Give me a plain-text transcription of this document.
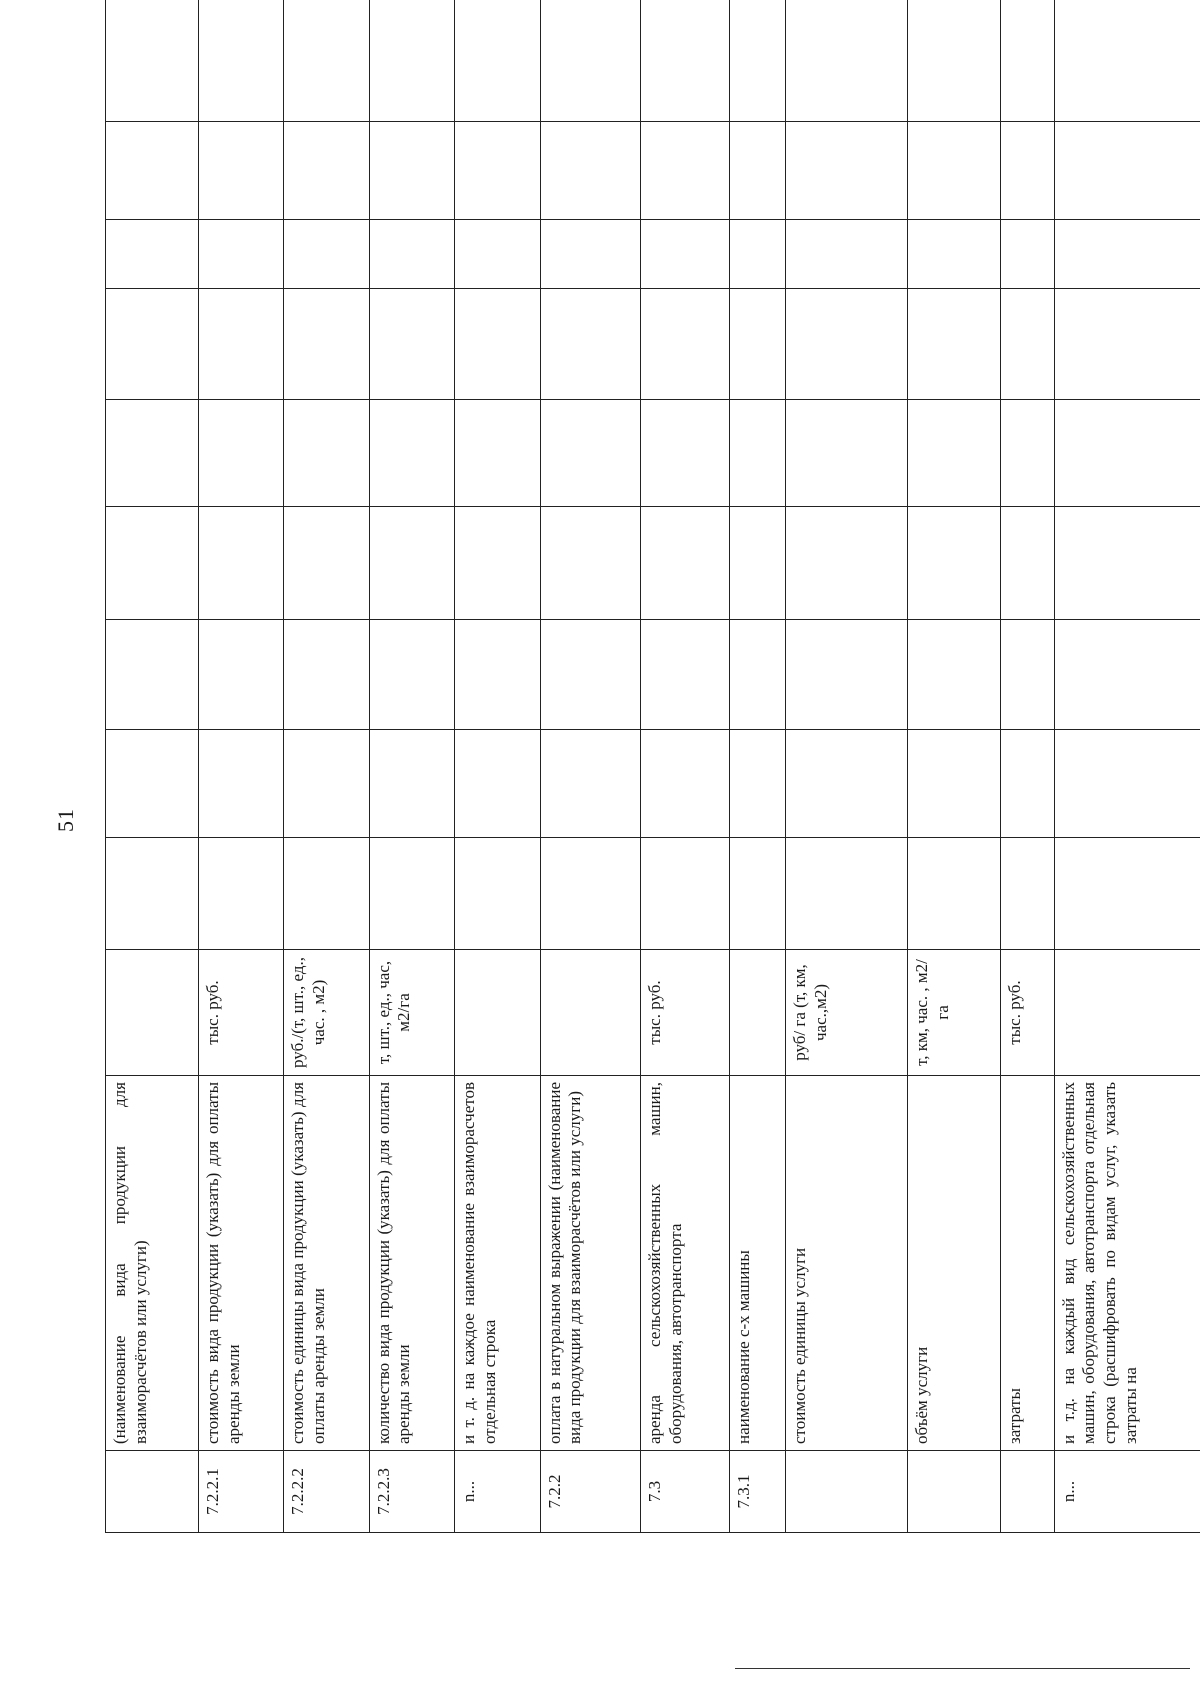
51
	(наименование вида продукции для взаиморасчётов или услуги)										
7.2.2.1	стоимость вида продукции (указать) для оплаты аренды земли	тыс. руб.									
7.2.2.2	стоимость единицы вида продукции (указать) для оплаты аренды земли	руб./(т, шт., ед., час. , м2)									
7.2.2.3	количество вида продукции (указать) для оплаты аренды земли	т, шт., ед., час, м2/га									
n...	и т. д. на каждое наименование взаиморасчетов отдельная строка										
7.2.2	оплата в натуральном выражении (наименование вида продукции для взаиморасчётов или услуги)										
7.3	аренда сельскохозяйственных машин, оборудования, автотранспорта	тыс. руб.									
7.3.1	наименование с-х машины										
	стоимость единицы услуги	руб/ га (т, км, час.,м2)									
	объём услуги	т, км, час. , м2/га									
	затраты	тыс. руб.									
n...	и т.д. на каждый вид сельскохозяйственных машин, оборудования, автотранспорта отдельная строка (расшифровать по видам услуг, указать затраты на										
